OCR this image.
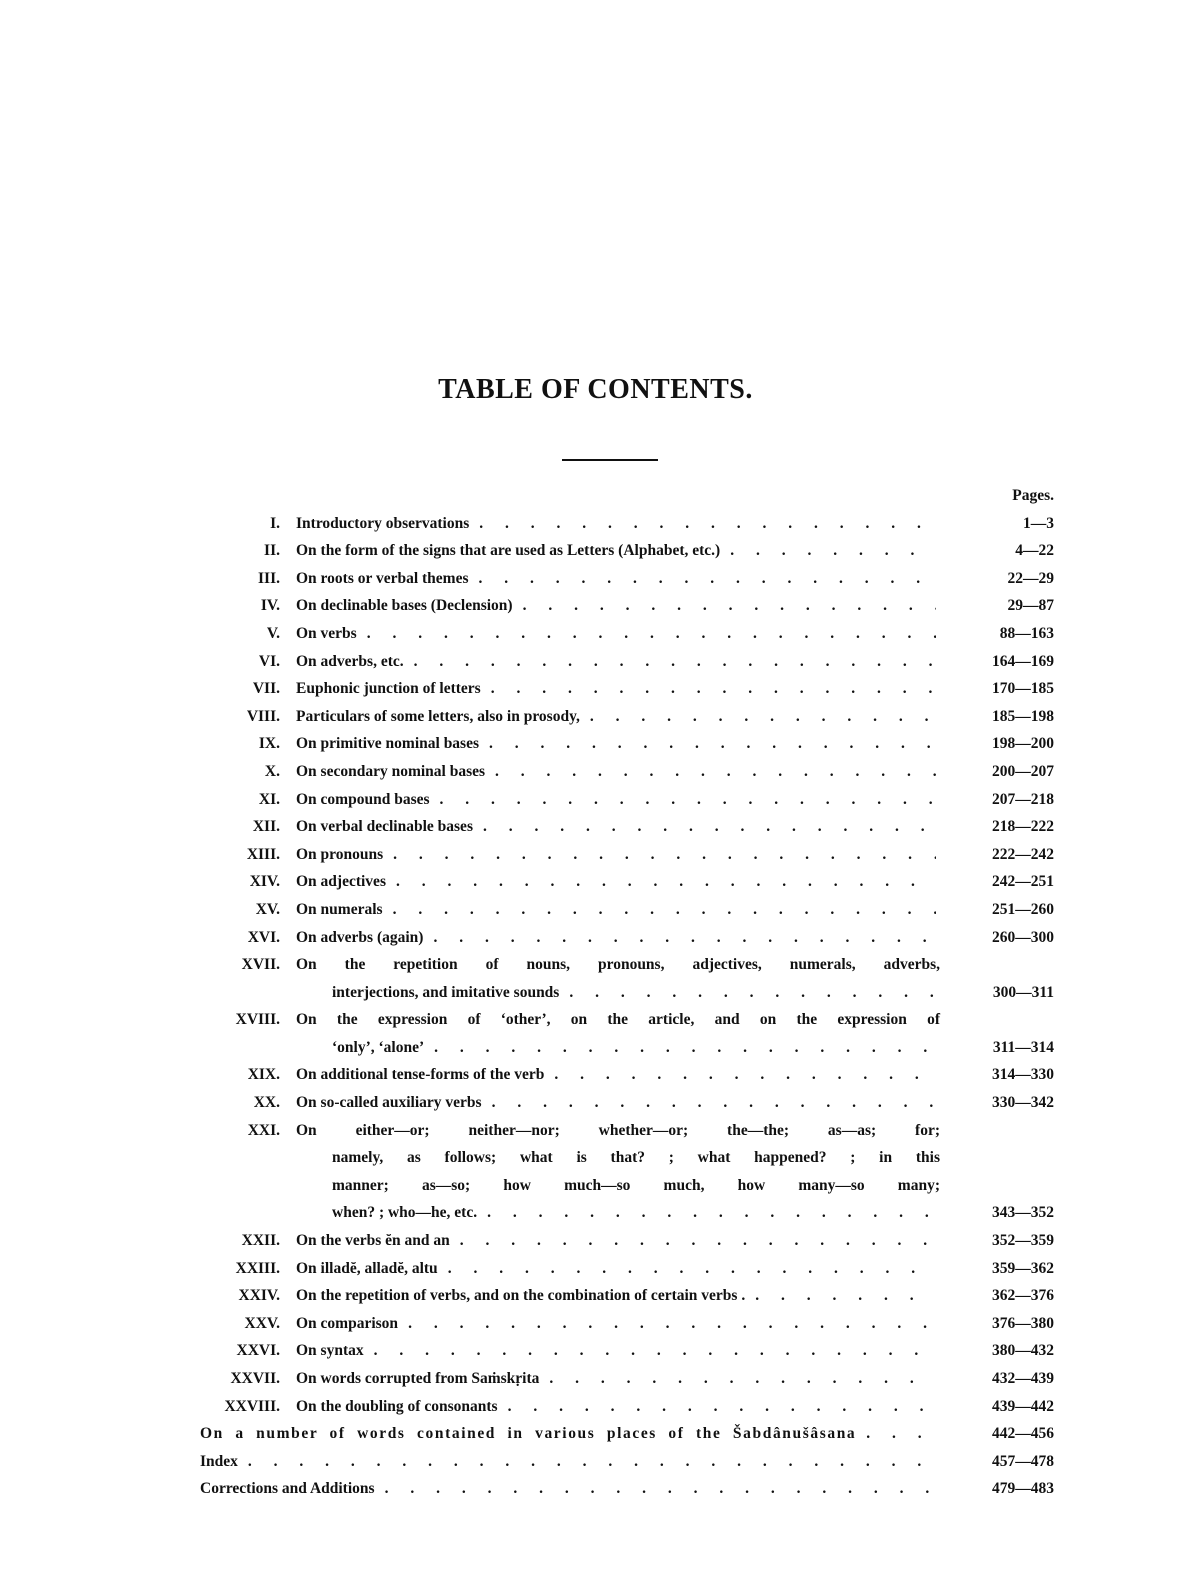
TABLE OF CONTENTS.
Pages.
I.	Introductory observations . . .	1—3
II.	On the form of the signs that are used as Letters (Alphabet, etc.) . . .	4—22
III.	On roots or verbal themes . . .	22—29
IV.	On declinable bases (Declension) . . .	29—87
V.	On verbs . . .	88—163
VI.	On adverbs, etc. . . .	164—169
VII.	Euphonic junction of letters . . .	170—185
VIII.	Particulars of some letters, also in prosody, . . .	185—198
IX.	On primitive nominal bases . . .	198—200
X.	On secondary nominal bases . . .	200—207
XI.	On compound bases . . .	207—218
XII.	On verbal declinable bases . . .	218—222
XIII.	On pronouns . . .	222—242
XIV.	On adjectives . . .	242—251
XV.	On numerals . . .	251—260
XVI.	On adverbs (again) . . .	260—300
XVII.	On the repetition of nouns, pronouns, adjectives, numerals, adverbs,
interjections, and imitative sounds . . .	300—311
XVIII.	On the expression of ‘other’, on the article, and on the expression of
‘only’, ‘alone’ . . .	311—314
XIX.	On additional tense-forms of the verb . . .	314—330
XX.	On so-called auxiliary verbs . . .	330—342
XXI.	On either—or; neither—nor; whether—or; the—the; as—as; for;
namely, as follows; what is that? ; what happened? ; in this
manner; as—so; how much—so much, how many—so many;
when? ; who—he, etc. . . .	343—352
XXII.	On the verbs ĕn and an . . .	352—359
XXIII.	On illadĕ, alladĕ, altu . . .	359—362
XXIV.	On the repetition of verbs, and on the combination of certain verbs . . . .	362—376
XXV.	On comparison . . .	376—380
XXVI.	On syntax . . .	380—432
XXVII.	On words corrupted from Saṁskṛita . . .	432—439
XXVIII.	On the doubling of consonants . . .	439—442
On a number of words contained in various places of the Šabdânušâsana . . .	442—456
Index . . .	457—478
Corrections and Additions . . .	479—483
